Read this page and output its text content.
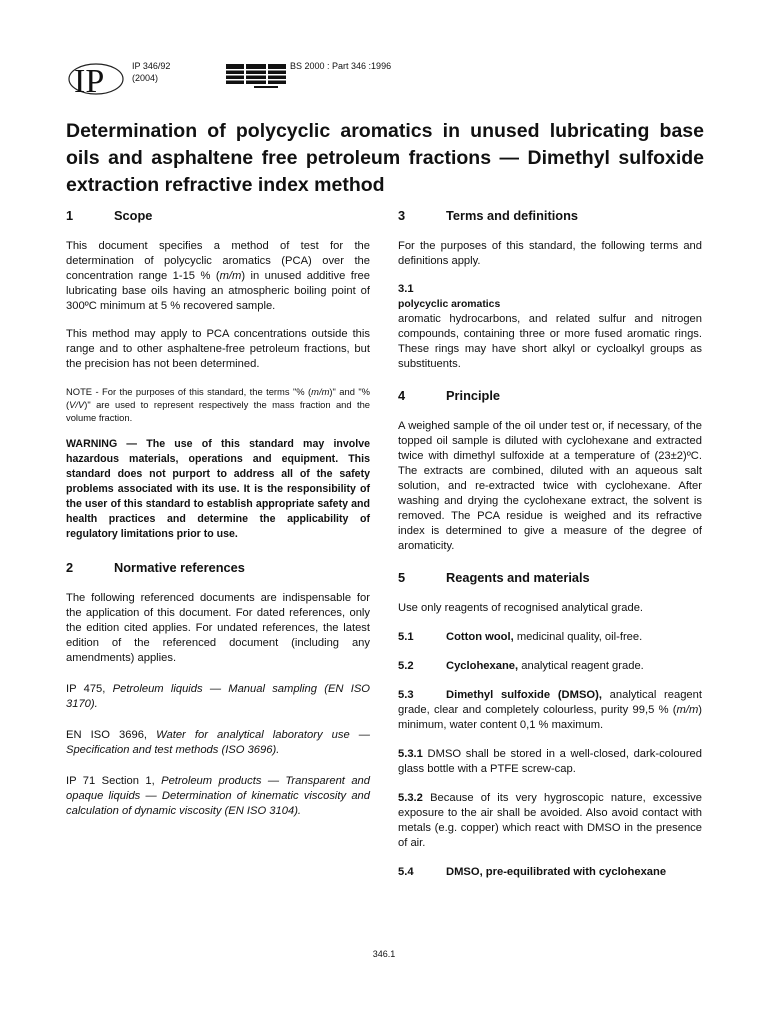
IP	IP 346/92
(2004)
BS 2000 : Part 346 :1996
Determination of polycyclic aromatics in unused lubricating base oils and asphaltene free petroleum fractions — Dimethyl sulfoxide extraction refractive index method
1	Scope

This document specifies a method of test for the determination of polycyclic aromatics (PCA) over the concentration range 1-15 % (m/m) in unused additive free lubricating base oils having an atmospheric boiling point of 300ºC minimum at 5 % recovered sample.

This method may apply to PCA concentrations outside this range and to other asphaltene-free petroleum fractions, but the precision has not been determined.

NOTE - For the purposes of this standard, the terms "% (m/m)" and "% (V/V)" are used to represent respectively the mass fraction and the volume fraction.

WARNING — The use of this standard may involve hazardous materials, operations and equipment. This standard does not purport to address all of the safety problems associated with its use. It is the responsibility of the user of this standard to establish appropriate safety and health practices and determine the applicability of regulatory limitations prior to use.

2	Normative references

The following referenced documents are indispensable for the application of this document. For dated references, only the edition cited applies. For undated references, the latest edition of the referenced document (including any amendments) applies.

IP 475, Petroleum liquids — Manual sampling (EN ISO 3170).

EN ISO 3696, Water for analytical laboratory use — Specification and test methods (ISO 3696).

IP 71 Section 1, Petroleum products — Transparent and opaque liquids — Determination of kinematic viscosity and calculation of dynamic viscosity (EN ISO 3104).

3	Terms and definitions

For the purposes of this standard, the following terms and definitions apply.

3.1

polycyclic aromatics

aromatic hydrocarbons, and related sulfur and nitrogen compounds, containing three or more fused aromatic rings. These rings may have short alkyl or cycloalkyl groups as substituents.

4	Principle

A weighed sample of the oil under test or, if necessary, of the topped oil sample is diluted with cyclohexane and extracted twice with dimethyl sulfoxide at a temperature of (23±2)ºC. The extracts are combined, diluted with an aqueous salt solution, and re-extracted twice with cyclohexane. After washing and drying the cyclohexane extract, the solvent is removed. The PCA residue is weighed and its refractive index is determined to give a measure of the degree of aromaticity.

5	Reagents and materials

Use only reagents of recognised analytical grade.

5.1	Cotton wool, medicinal quality, oil-free.

5.2	Cyclohexane, analytical reagent grade.

5.3	Dimethyl sulfoxide (DMSO), analytical reagent grade, clear and completely colourless, purity 99,5 % (m/m) minimum, water content 0,1 % maximum.

5.3.1 DMSO shall be stored in a well-closed, dark-coloured glass bottle with a PTFE screw-cap.

5.3.2 Because of its very hygroscopic nature, excessive exposure to the air shall be avoided. Also avoid contact with metals (e.g. copper) which react with DMSO in the presence of air.

5.4	DMSO, pre-equilibrated with cyclohexane

346.1
